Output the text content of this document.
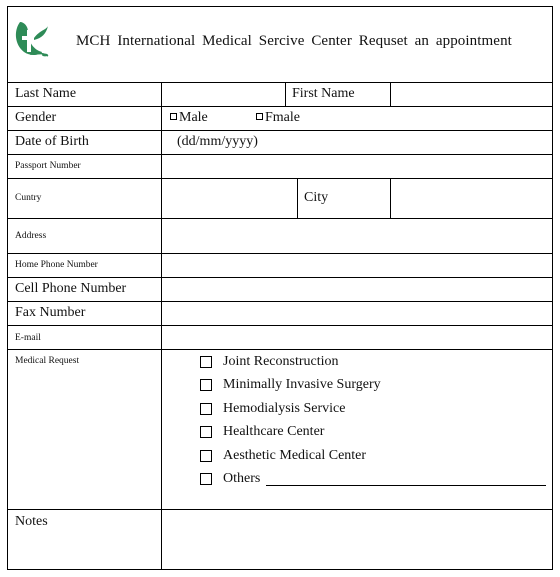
MCH International Medical Sercive Center Requset an appointment
Last Name	First Name
Gender	Male	Fmale
Date of Birth	(dd/mm/yyyy)
Passport Number
Cuntry	City
Address
Home Phone Number
Cell Phone Number
Fax Number
E-mail
Medical Request	Joint Reconstruction
Minimally Invasive Surgery
Hemodialysis Service
Healthcare Center
Aesthetic Medical Center
Others
Notes
